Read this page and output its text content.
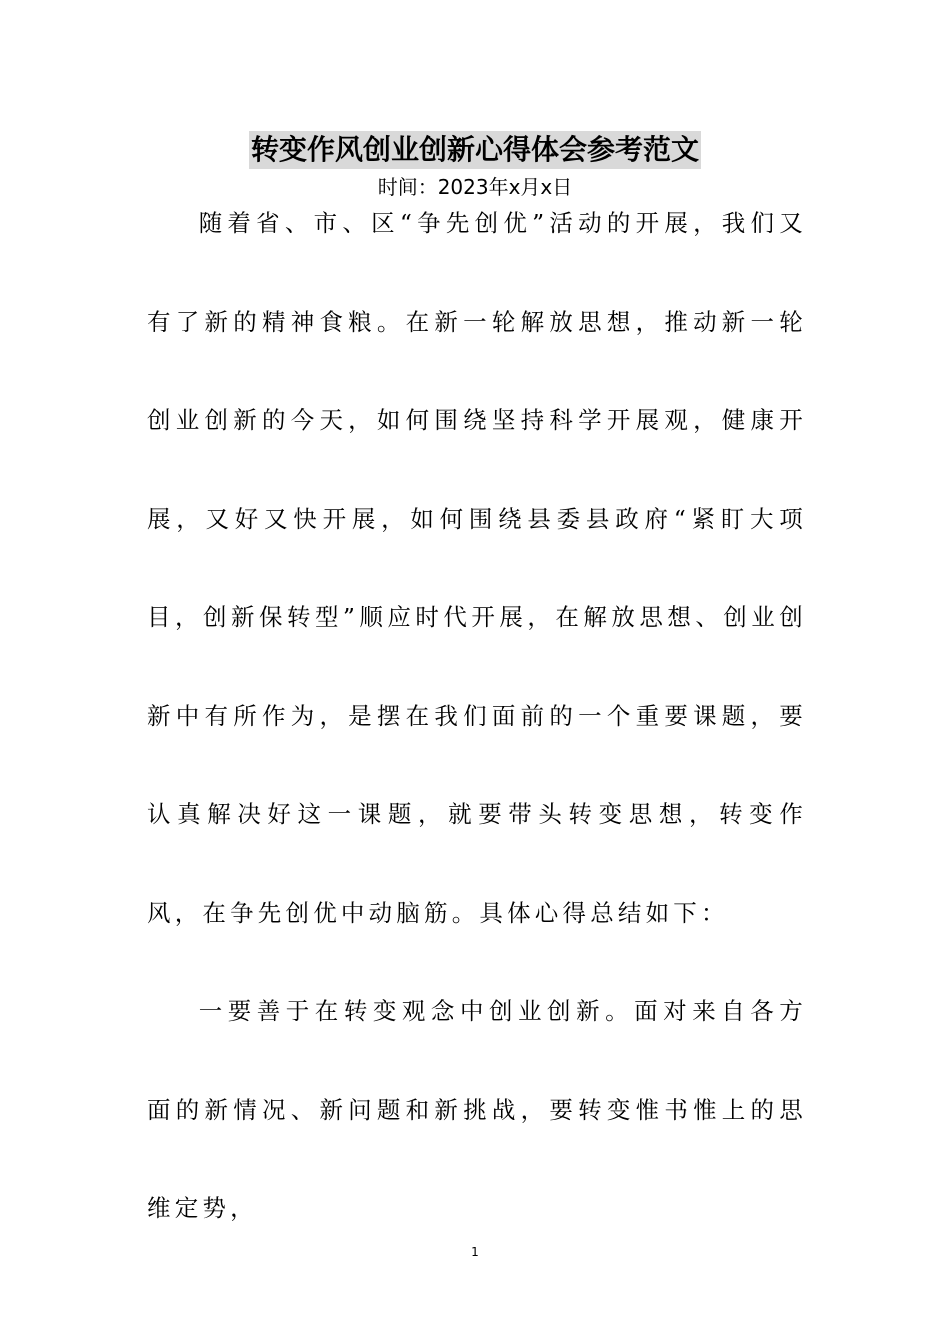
转变作风创业创新心得体会参考范文
时间：2023年x月x日

随着省、市、区“争先创优”活动的开展，我们又有了新的精神食粮。在新一轮解放思想，推动新一轮创业创新的今天，如何围绕坚持科学开展观，健康开展，又好又快开展，如何围绕县委县政府“紧盯大项目，创新保转型”顺应时代开展，在解放思想、创业创新中有所作为，是摆在我们面前的一个重要课题，要认真解决好这一课题，就要带头转变思想，转变作风，在争先创优中动脑筋。具体心得总结如下：

一要善于在转变观念中创业创新。面对来自各方面的新情况、新问题和新挑战，要转变惟书惟上的思维定势，

1
